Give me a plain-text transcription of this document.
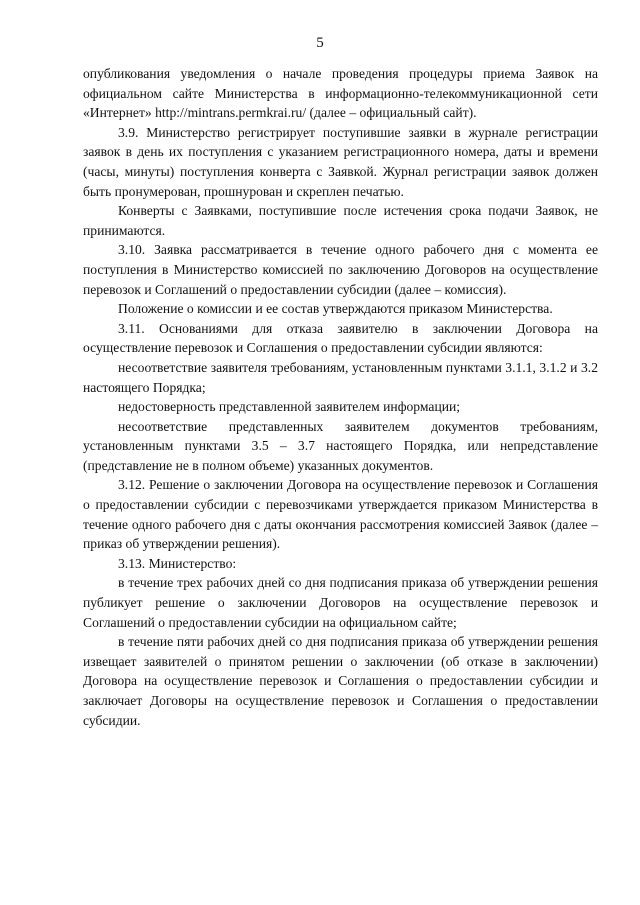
5

опубликования уведомления о начале проведения процедуры приема Заявок на официальном сайте Министерства в информационно-телекоммуникационной сети «Интернет» http://mintrans.permkrai.ru/ (далее – официальный сайт).

3.9. Министерство регистрирует поступившие заявки в журнале регистрации заявок в день их поступления с указанием регистрационного номера, даты и времени (часы, минуты) поступления конверта с Заявкой. Журнал регистрации заявок должен быть пронумерован, прошнурован и скреплен печатью.

Конверты с Заявками, поступившие после истечения срока подачи Заявок, не принимаются.

3.10. Заявка рассматривается в течение одного рабочего дня с момента ее поступления в Министерство комиссией по заключению Договоров на осуществление перевозок и Соглашений о предоставлении субсидии (далее – комиссия).

Положение о комиссии и ее состав утверждаются приказом Министерства.

3.11. Основаниями для отказа заявителю в заключении Договора на осуществление перевозок и Соглашения о предоставлении субсидии являются:

несоответствие заявителя требованиям, установленным пунктами 3.1.1, 3.1.2 и 3.2 настоящего Порядка;

недостоверность представленной заявителем информации;

несоответствие представленных заявителем документов требованиям, установленным пунктами 3.5 – 3.7 настоящего Порядка, или непредставление (представление не в полном объеме) указанных документов.

3.12. Решение о заключении Договора на осуществление перевозок и Соглашения о предоставлении субсидии с перевозчиками утверждается приказом Министерства в течение одного рабочего дня с даты окончания рассмотрения комиссией Заявок (далее – приказ об утверждении решения).

3.13. Министерство:

в течение трех рабочих дней со дня подписания приказа об утверждении решения публикует решение о заключении Договоров на осуществление перевозок и Соглашений о предоставлении субсидии на официальном сайте;

в течение пяти рабочих дней со дня подписания приказа об утверждении решения извещает заявителей о принятом решении о заключении (об отказе в заключении) Договора на осуществление перевозок и Соглашения о предоставлении субсидии и заключает Договоры на осуществление перевозок и Соглашения о предоставлении субсидии.
